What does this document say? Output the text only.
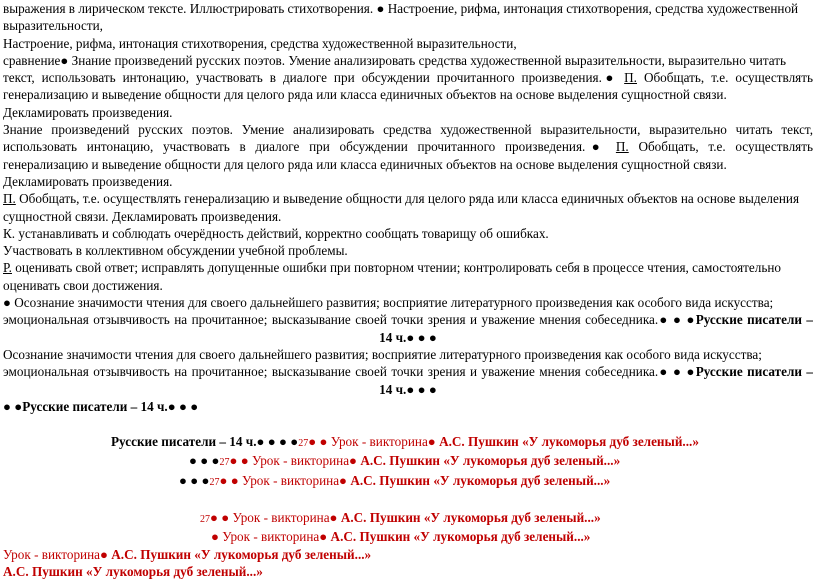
выражения в лирическом тексте. Иллюстрировать стихотворения. ● Настроение, рифма, интонация стихотворения, средства художественной
выразительности,
Настроение, рифма, интонация стихотворения, средства художественной выразительности,
сравнение● Знание произведений русских поэтов. Умение анализировать средства художественной выразительности, выразительно читать
текст, использовать интонацию, участвовать в диалоге при обсуждении прочитанного произведения.● П. Обобщать, т.е. осуществлять
генерализацию и выведение общности для целого ряда или класса единичных объектов на основе выделения сущностной связи.
Декламировать произведения.
Знание произведений русских поэтов. Умение анализировать средства художественной выразительности, выразительно читать текст,
использовать интонацию, участвовать в диалоге при обсуждении прочитанного произведения.● П. Обобщать, т.е. осуществлять
генерализацию и выведение общности для целого ряда или класса единичных объектов на основе выделения сущностной связи.
Декламировать произведения.
П. Обобщать, т.е. осуществлять генерализацию и выведение общности для целого ряда или класса единичных объектов на основе выделения
сущностной связи. Декламировать произведения.
К. устанавливать и соблюдать очерёдность действий, корректно сообщать товарищу об ошибках.
Участвовать в коллективном обсуждении учебной проблемы.
Р. оценивать свой ответ; исправлять допущенные ошибки при повторном чтении; контролировать себя в процессе чтения, самостоятельно
оценивать свои достижения.
● Осознание значимости чтения для своего дальнейшего развития; восприятие литературного произведения как особого вида искусства;
эмоциональная отзывчивость на прочитанное; высказывание своей точки зрения и уважение мнения собеседника.● ● ●Русские писатели –
14 ч.● ● ●
Осознание значимости чтения для своего дальнейшего развития; восприятие литературного произведения как особого вида искусства;
эмоциональная отзывчивость на прочитанное; высказывание своей точки зрения и уважение мнения собеседника.● ● ●Русские писатели –
14 ч.● ● ●
● ●Русские писатели – 14 ч.● ● ●
Русские писатели – 14 ч.● ● ● ●27● ● Урок - викторина● А.С. Пушкин «У лукоморья дуб зеленый...»
● ● ●27● ● Урок - викторина● А.С. Пушкин «У лукоморья дуб зеленый...»
● ● ●27● ● Урок - викторина● А.С. Пушкин «У лукоморья дуб зеленый...»
27● ● Урок - викторина● А.С. Пушкин «У лукоморья дуб зеленый...»
● Урок - викторина● А.С. Пушкин «У лукоморья дуб зеленый...»
Урок - викторина● А.С. Пушкин «У лукоморья дуб зеленый...»
А.С. Пушкин «У лукоморья дуб зеленый...»
